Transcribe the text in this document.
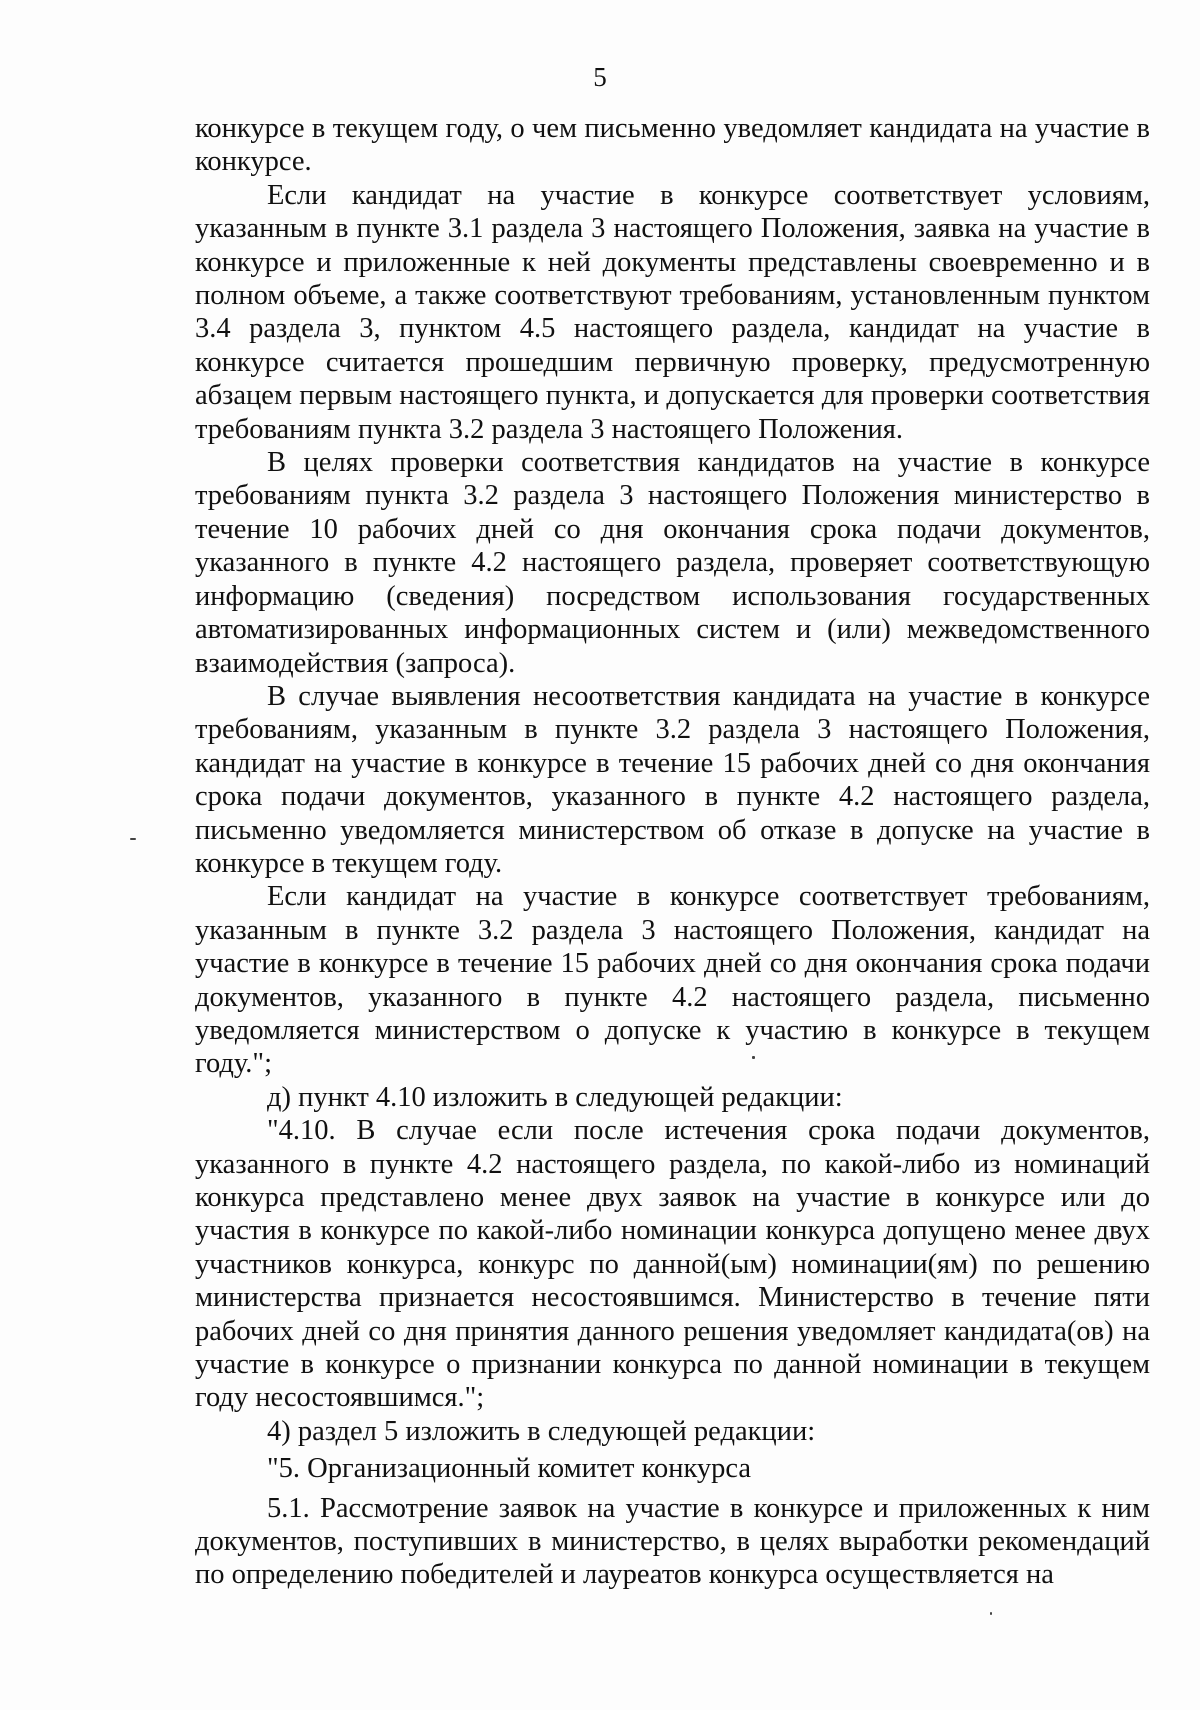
5

конкурсе в текущем году, о чем письменно уведомляет кандидата на участие в конкурсе.

Если кандидат на участие в конкурсе соответствует условиям, указанным в пункте 3.1 раздела 3 настоящего Положения, заявка на участие в конкурсе и приложенные к ней документы представлены своевременно и в полном объеме, а также соответствуют требованиям, установленным пунктом 3.4 раздела 3, пунктом 4.5 настоящего раздела, кандидат на участие в конкурсе считается прошедшим первичную проверку, предусмотренную абзацем первым настоящего пункта, и допускается для проверки соответствия требованиям пункта 3.2 раздела 3 настоящего Положения.

В целях проверки соответствия кандидатов на участие в конкурсе требованиям пункта 3.2 раздела 3 настоящего Положения министерство в течение 10 рабочих дней со дня окончания срока подачи документов, указанного в пункте 4.2 настоящего раздела, проверяет соответствующую информацию (сведения) посредством использования государственных автоматизированных информационных систем и (или) межведомственного взаимодействия (запроса).

В случае выявления несоответствия кандидата на участие в конкурсе требованиям, указанным в пункте 3.2 раздела 3 настоящего Положения, кандидат на участие в конкурсе в течение 15 рабочих дней со дня окончания срока подачи документов, указанного в пункте 4.2 настоящего раздела, письменно уведомляется министерством об отказе в допуске на участие в конкурсе в текущем году.

Если кандидат на участие в конкурсе соответствует требованиям, указанным в пункте 3.2 раздела 3 настоящего Положения, кандидат на участие в конкурсе в течение 15 рабочих дней со дня окончания срока подачи документов, указанного в пункте 4.2 настоящего раздела, письменно уведомляется министерством о допуске к участию в конкурсе в текущем году.";

д) пункт 4.10 изложить в следующей редакции:

"4.10. В случае если после истечения срока подачи документов, указанного в пункте 4.2 настоящего раздела, по какой-либо из номинаций конкурса представлено менее двух заявок на участие в конкурсе или до участия в конкурсе по какой-либо номинации конкурса допущено менее двух участников конкурса, конкурс по данной(ым) номинации(ям) по решению министерства признается несостоявшимся. Министерство в течение пяти рабочих дней со дня принятия данного решения уведомляет кандидата(ов) на участие в конкурсе о признании конкурса по данной номинации в текущем году несостоявшимся.";

4) раздел 5 изложить в следующей редакции:

"5. Организационный комитет конкурса

5.1. Рассмотрение заявок на участие в конкурсе и приложенных к ним документов, поступивших в министерство, в целях выработки рекомендаций по определению победителей и лауреатов конкурса осуществляется на
